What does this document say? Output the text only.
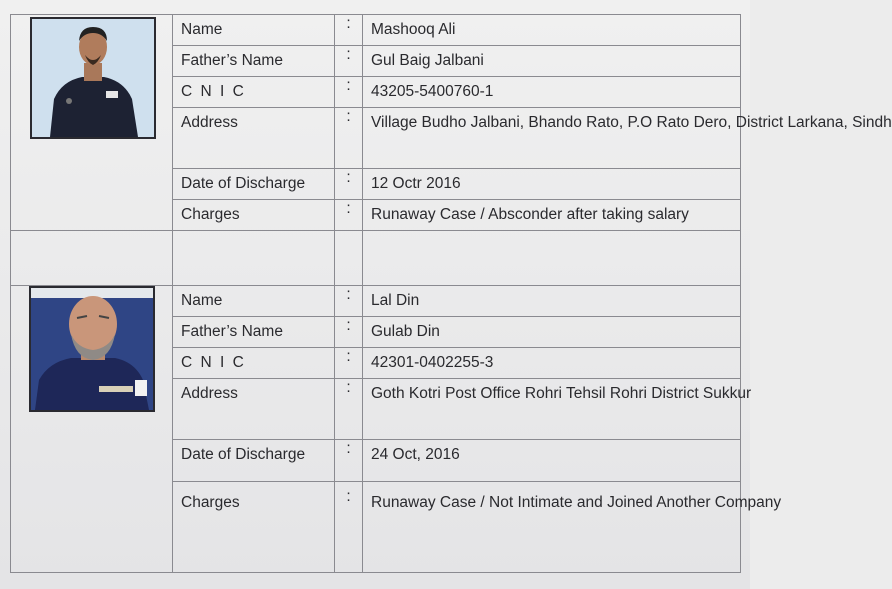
	Name	:	Mashooq Ali
	Father’s Name	:	Gul Baig Jalbani
	C N I C	:	43205-5400760-1
	Address	:	Village Budho Jalbani, Bhando Rato, P.O Rato Dero, District Larkana, Sindh
	Date of Discharge	:	12 Octr 2016
	Charges	:	Runaway Case / Absconder after taking salary

	Name	:	Lal Din
	Father’s Name	:	Gulab Din
	C N I C	:	42301-0402255-3
	Address	:	Goth Kotri Post Office Rohri Tehsil Rohri District Sukkur
	Date of Discharge	:	24 Oct, 2016
	Charges	:	Runaway Case / Not Intimate and Joined Another Company
